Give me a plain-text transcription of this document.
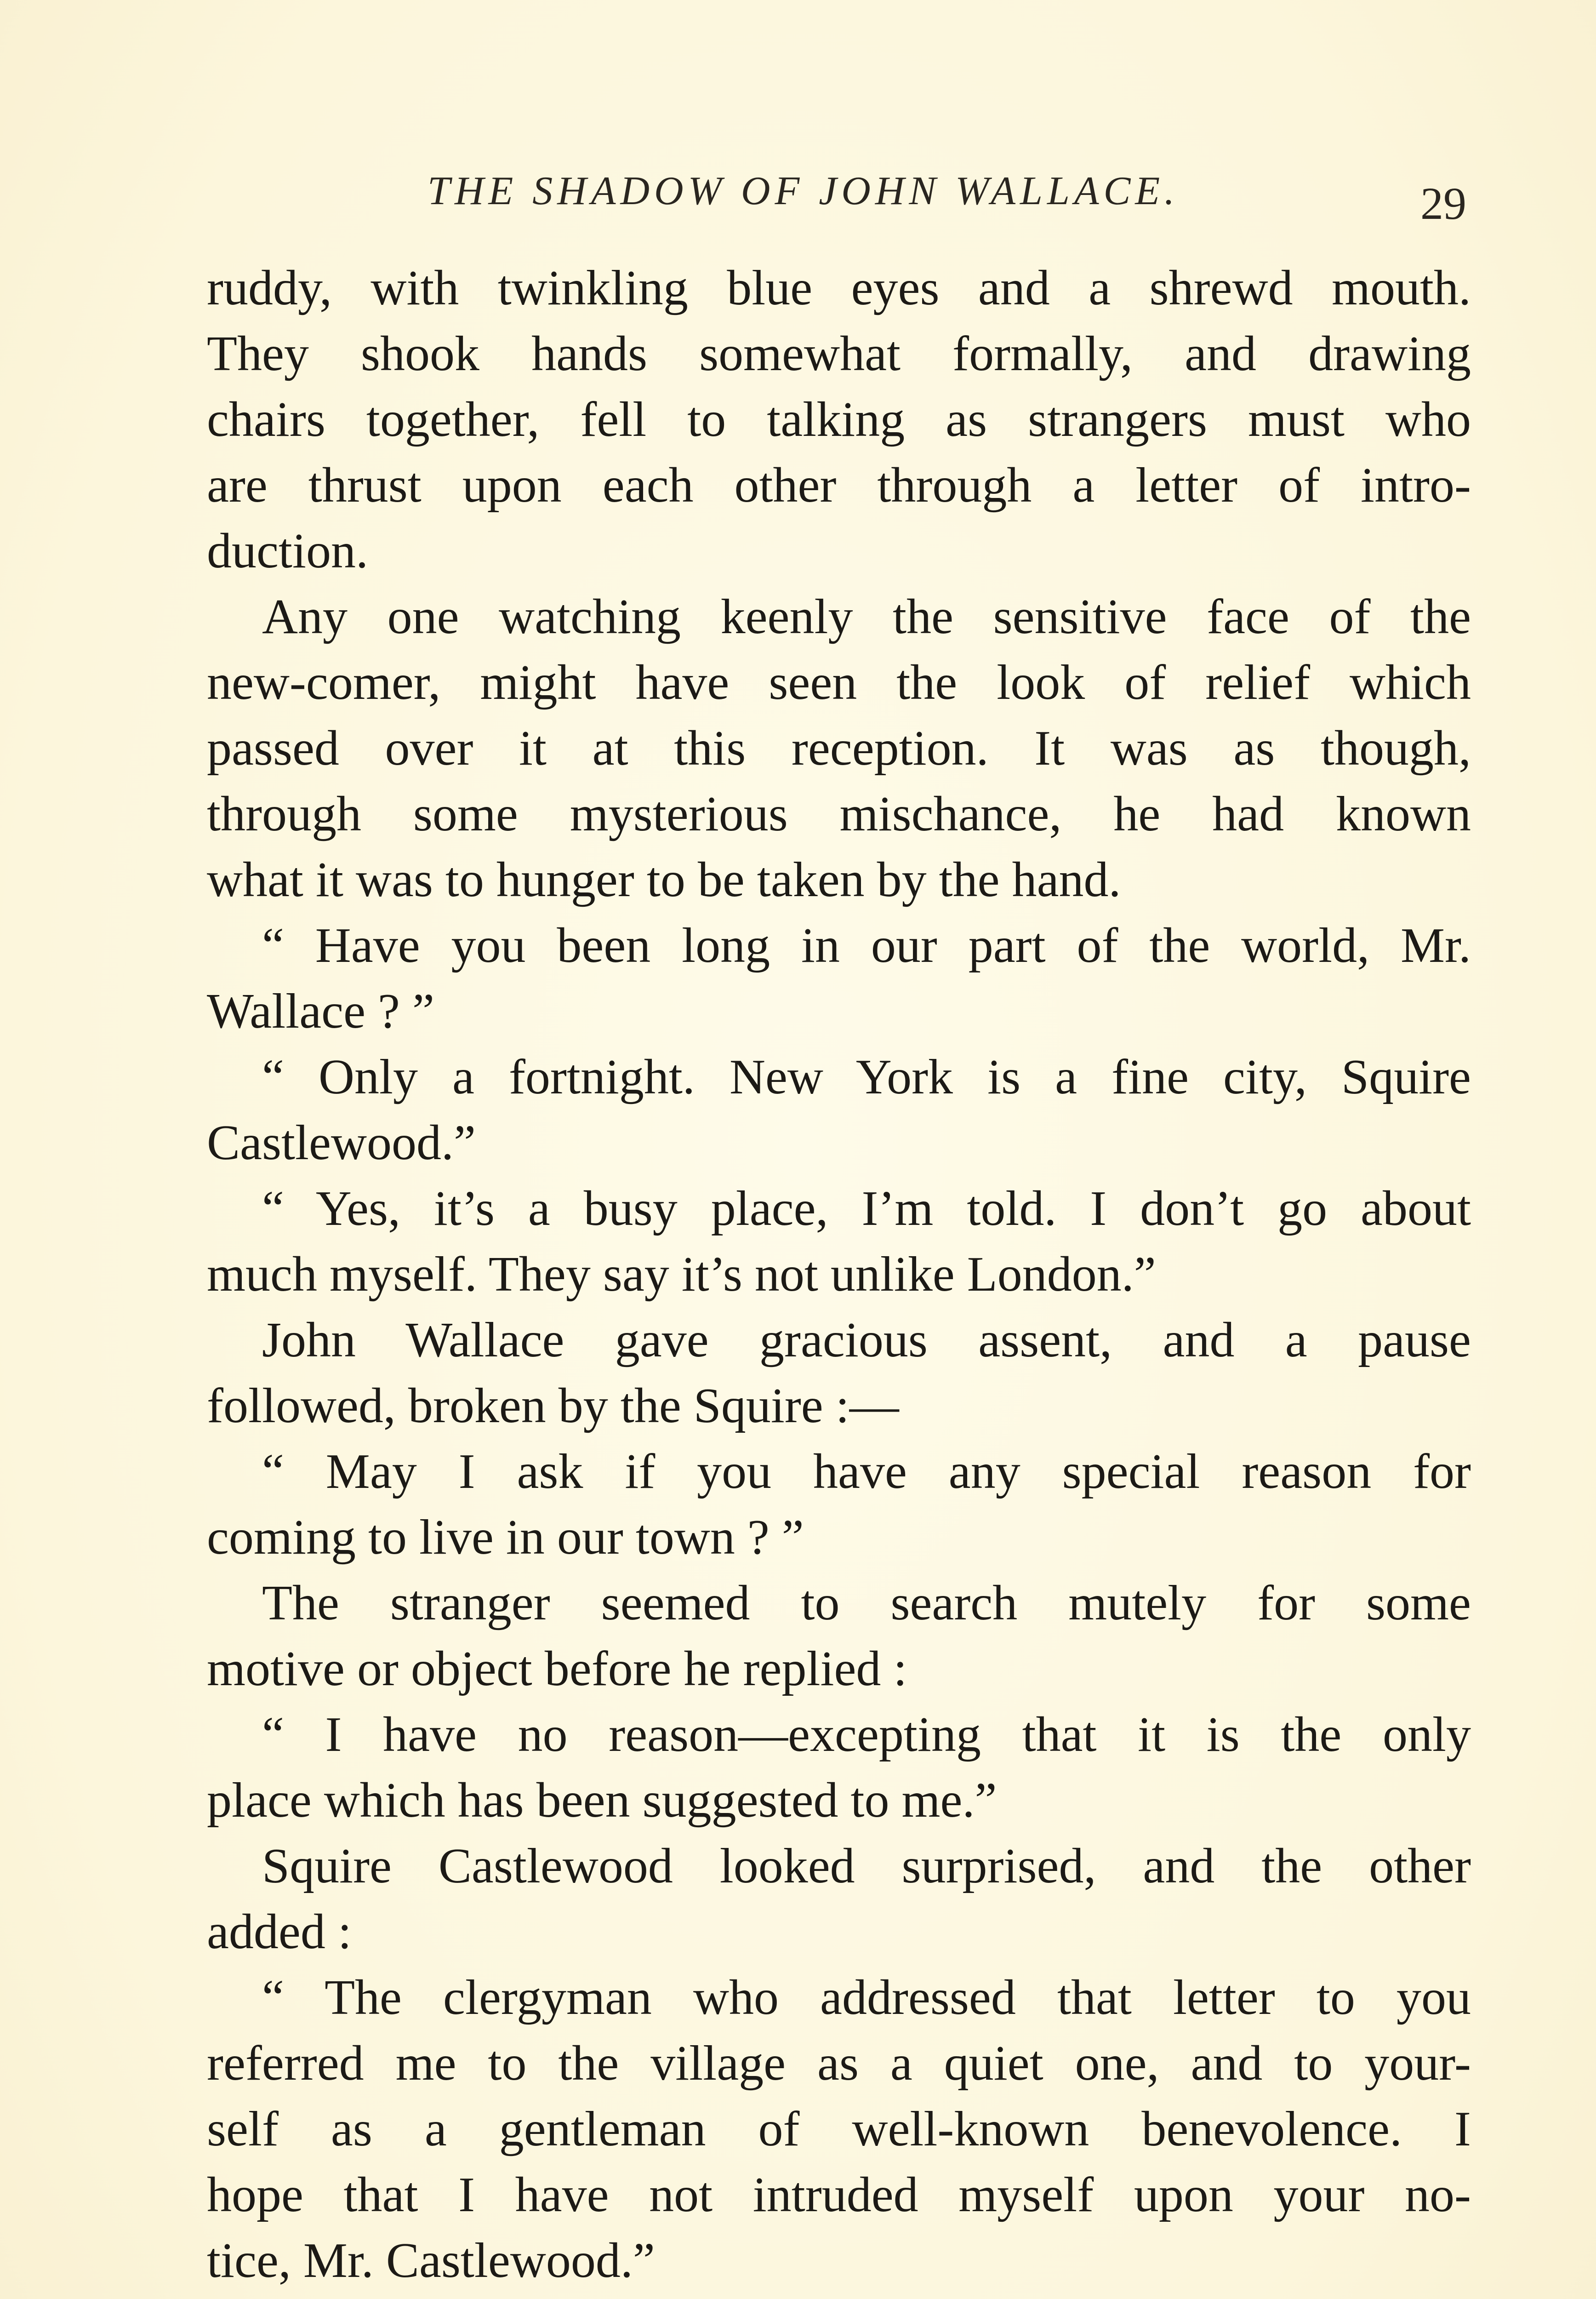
THE SHADOW OF JOHN WALLACE.	29
ruddy, with twinkling blue eyes and a shrewd mouth.
They shook hands somewhat formally, and drawing
chairs together, fell to talking as strangers must who
are thrust upon each other through a letter of intro-
duction.
Any one watching keenly the sensitive face of the
new-comer, might have seen the look of relief which
passed over it at this reception. It was as though,
through some mysterious mischance, he had known
what it was to hunger to be taken by the hand.
“ Have you been long in our part of the world, Mr.
Wallace ? ”
“ Only a fortnight. New York is a fine city, Squire
Castlewood.”
“ Yes, it’s a busy place, I’m told. I don’t go about
much myself. They say it’s not unlike London.”
John Wallace gave gracious assent, and a pause
followed, broken by the Squire :—
“ May I ask if you have any special reason for
coming to live in our town ? ”
The stranger seemed to search mutely for some
motive or object before he replied :
“ I have no reason—excepting that it is the only
place which has been suggested to me.”
Squire Castlewood looked surprised, and the other
added :
“ The clergyman who addressed that letter to you
referred me to the village as a quiet one, and to your-
self as a gentleman of well-known benevolence. I
hope that I have not intruded myself upon your no-
tice, Mr. Castlewood.”
